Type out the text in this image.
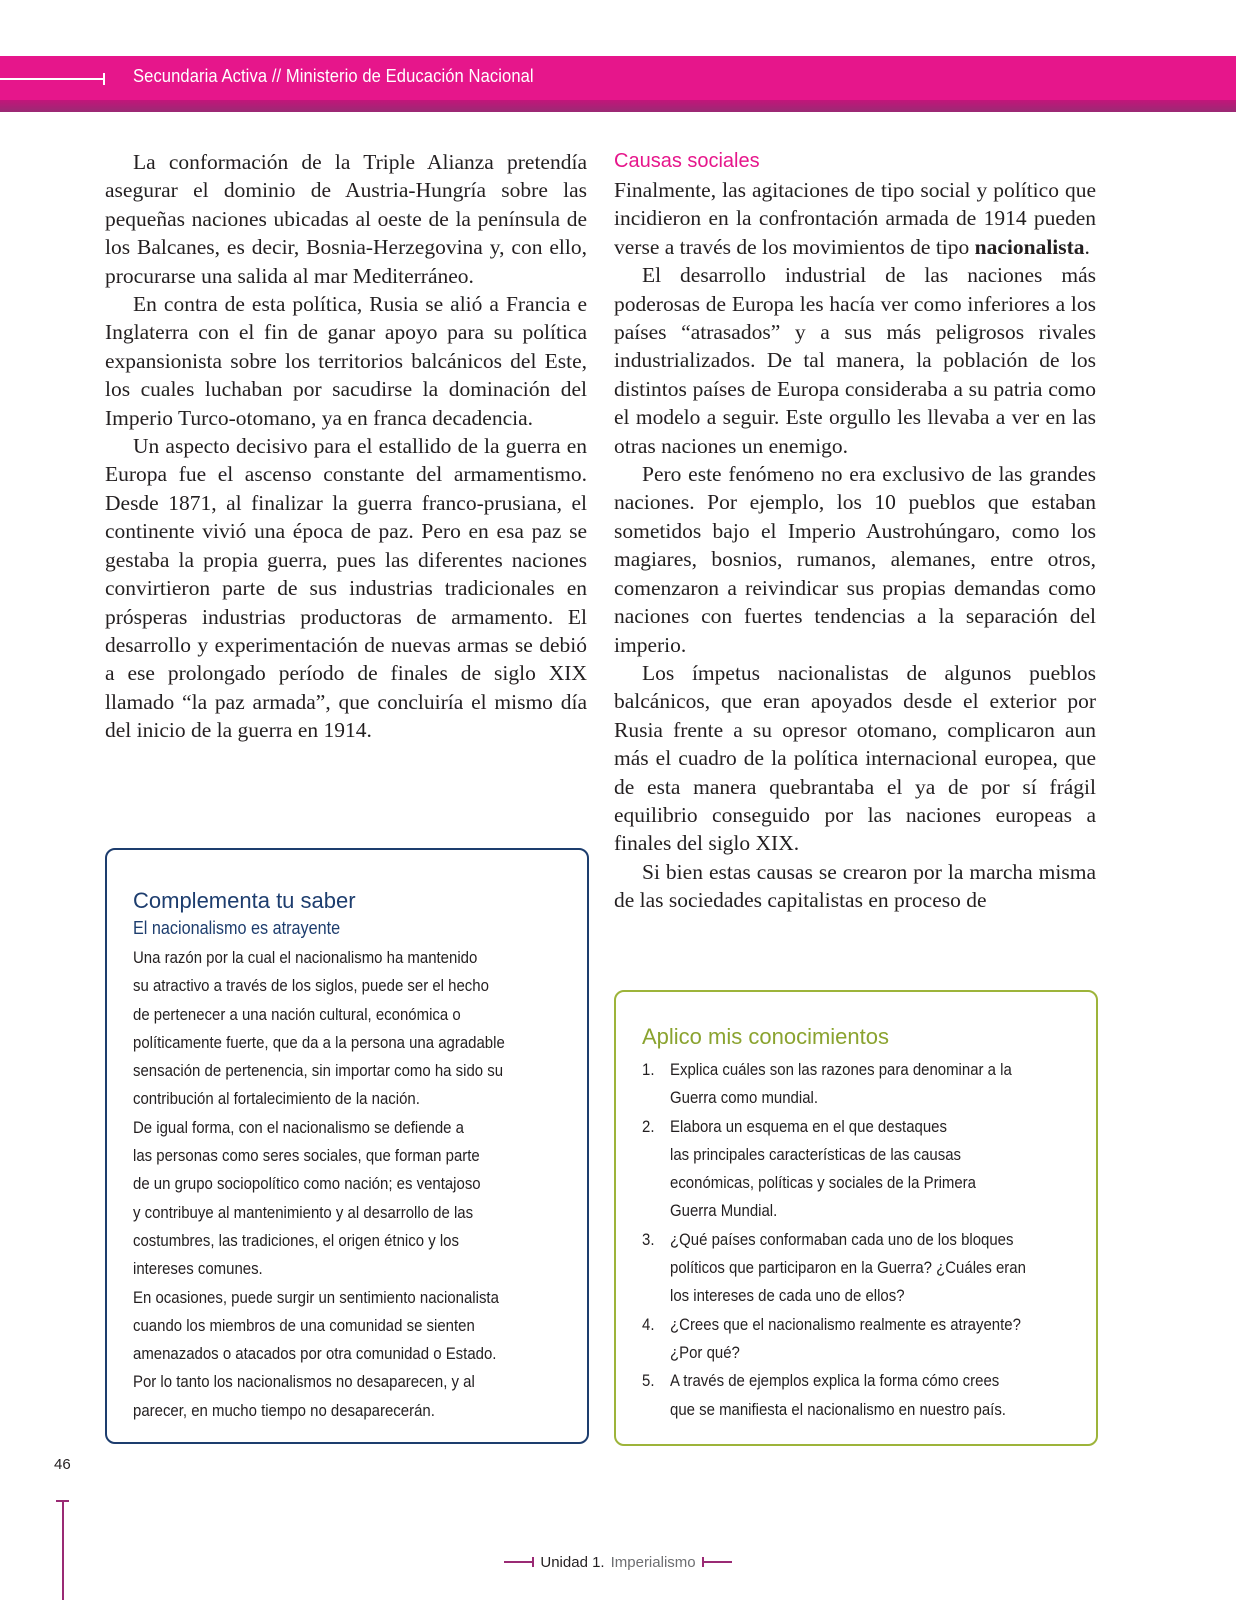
Secundaria Activa // Ministerio de Educación Nacional

La conformación de la Triple Alianza pretendía asegurar el dominio de Austria-Hungría sobre las pequeñas naciones ubicadas al oeste de la península de los Balcanes, es decir, Bosnia-Herzegovina y, con ello, procurarse una salida al mar Mediterráneo.

En contra de esta política, Rusia se alió a Francia e Inglaterra con el fin de ganar apoyo para su política expansionista sobre los territorios balcánicos del Este, los cuales luchaban por sacudirse la dominación del Imperio Turco-otomano, ya en franca decadencia.

Un aspecto decisivo para el estallido de la guerra en Europa fue el ascenso constante del armamentismo. Desde 1871, al finalizar la guerra franco-prusiana, el continente vivió una época de paz. Pero en esa paz se gestaba la propia guerra, pues las diferentes naciones convirtieron parte de sus industrias tradicionales en prósperas industrias productoras de armamento. El desarrollo y experimentación de nuevas armas se debió a ese prolongado período de finales de siglo XIX llamado “la paz armada”, que concluiría el mismo día del inicio de la guerra en 1914.

Causas sociales

Finalmente, las agitaciones de tipo social y político que incidieron en la confrontación armada de 1914 pueden verse a través de los movimientos de tipo nacionalista.

El desarrollo industrial de las naciones más poderosas de Europa les hacía ver como inferiores a los países “atrasados” y a sus más peligrosos rivales industrializados. De tal manera, la población de los distintos países de Europa consideraba a su patria como el modelo a seguir. Este orgullo les llevaba a ver en las otras naciones un enemigo.

Pero este fenómeno no era exclusivo de las grandes naciones. Por ejemplo, los 10 pueblos que estaban sometidos bajo el Imperio Austrohúngaro, como los magiares, bosnios, rumanos, alemanes, entre otros, comenzaron a reivindicar sus propias demandas como naciones con fuertes tendencias a la separación del imperio.

Los ímpetus nacionalistas de algunos pueblos balcánicos, que eran apoyados desde el exterior por Rusia frente a su opresor otomano, complicaron aun más el cuadro de la política internacional europea, que de esta manera quebrantaba el ya de por sí frágil equilibrio conseguido por las naciones europeas a finales del siglo XIX.

Si bien estas causas se crearon por la marcha misma de las sociedades capitalistas en proceso de

Complementa tu saber
El nacionalismo es atrayente
Una razón por la cual el nacionalismo ha mantenido
su atractivo a través de los siglos, puede ser el hecho
de pertenecer a una nación cultural, económica o
políticamente fuerte, que da a la persona una agradable
sensación de pertenencia, sin importar como ha sido su
contribución al fortalecimiento de la nación.
De igual forma, con el nacionalismo se defiende a
las personas como seres sociales, que forman parte
de un grupo sociopolítico como nación; es ventajoso
y contribuye al mantenimiento y al desarrollo de las
costumbres, las tradiciones, el origen étnico y los
intereses comunes.
En ocasiones, puede surgir un sentimiento nacionalista
cuando los miembros de una comunidad se sienten
amenazados o atacados por otra comunidad o Estado.
Por lo tanto los nacionalismos no desaparecen, y al
parecer, en mucho tiempo no desaparecerán.
Aplico mis conocimientos
1. Explica cuáles son las razones para denominar a la
Guerra como mundial.
2. Elabora un esquema en el que destaques
las principales características de las causas
económicas, políticas y sociales de la Primera
Guerra Mundial.
3. ¿Qué países conformaban cada uno de los bloques
políticos que participaron en la Guerra? ¿Cuáles eran
los intereses de cada uno de ellos?
4. ¿Crees que el nacionalismo realmente es atrayente?
¿Por qué?
5. A través de ejemplos explica la forma cómo crees
que se manifiesta el nacionalismo en nuestro país.
46
Unidad 1. Imperialismo
